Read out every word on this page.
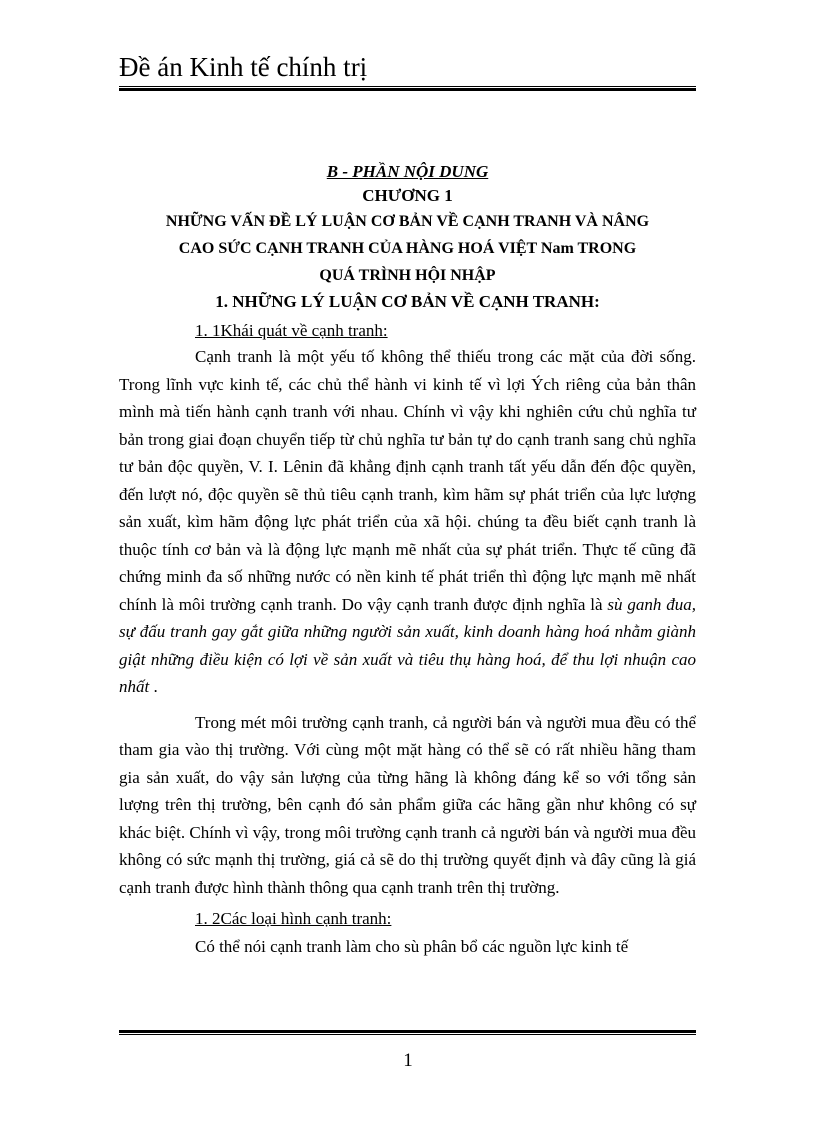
Đề án Kinh tế chính trị

B - PHẦN NỘI DUNG

CHƯƠNG 1

NHỮNG VẤN ĐỀ LÝ LUẬN CƠ BẢN VỀ CẠNH TRANH VÀ NÂNG

CAO SỨC CẠNH TRANH CỦA HÀNG HOÁ VIỆT Nam TRONG

QUÁ TRÌNH HỘI NHẬP

1. NHỮNG LÝ LUẬN CƠ BẢN VỀ CẠNH TRANH:

1. 1Khái quát về cạnh tranh:

Cạnh tranh là một yếu tố không thể thiếu trong các mặt của đời sống. Trong lĩnh vực kinh tế, các chủ thể hành vi kinh tế vì lợi Ých riêng của bản thân mình mà tiến hành cạnh tranh với nhau. Chính vì vậy khi nghiên cứu chủ nghĩa tư bản trong giai đoạn chuyển tiếp từ chủ nghĩa tư bản tự do cạnh tranh sang chủ nghĩa tư bản độc quyền, V. I. Lênin đã khẳng định cạnh tranh tất yếu dẫn đến độc quyền, đến lượt nó, độc quyền sẽ thủ tiêu cạnh tranh, kìm hãm sự phát triển của lực lượng sản xuất, kìm hãm động lực phát triển của xã hội. chúng ta đều biết cạnh tranh là thuộc tính cơ bản và là động lực mạnh mẽ nhất của sự phát triển. Thực tế cũng đã chứng minh đa số những nước có nền kinh tế phát triển thì động lực mạnh mẽ nhất chính là môi trường cạnh tranh. Do vậy cạnh tranh được định nghĩa là sù ganh đua, sự đấu tranh gay gắt giữa những người sản xuất, kinh doanh hàng hoá nhằm giành giật những điều kiện có lợi về sản xuất và tiêu thụ hàng hoá, để thu lợi nhuận cao nhất .

Trong mét môi trường cạnh tranh, cả người bán và người mua đều có thể tham gia vào thị trường. Với cùng một mặt hàng có thể sẽ có rất nhiều hãng tham gia sản xuất, do vậy sản lượng của từng hãng là không đáng kể so với tổng sản lượng trên thị trường, bên cạnh đó sản phẩm giữa các hãng gần như không có sự khác biệt. Chính vì vậy, trong môi trường cạnh tranh cả người bán và người mua đều không có sức mạnh thị trường, giá cả sẽ do thị trường quyết định và đây cũng là giá cạnh tranh được hình thành thông qua cạnh tranh trên thị trường.

1. 2Các loại hình cạnh tranh:

Có thể nói cạnh tranh làm cho sù phân bổ các nguồn lực kinh tế

1
